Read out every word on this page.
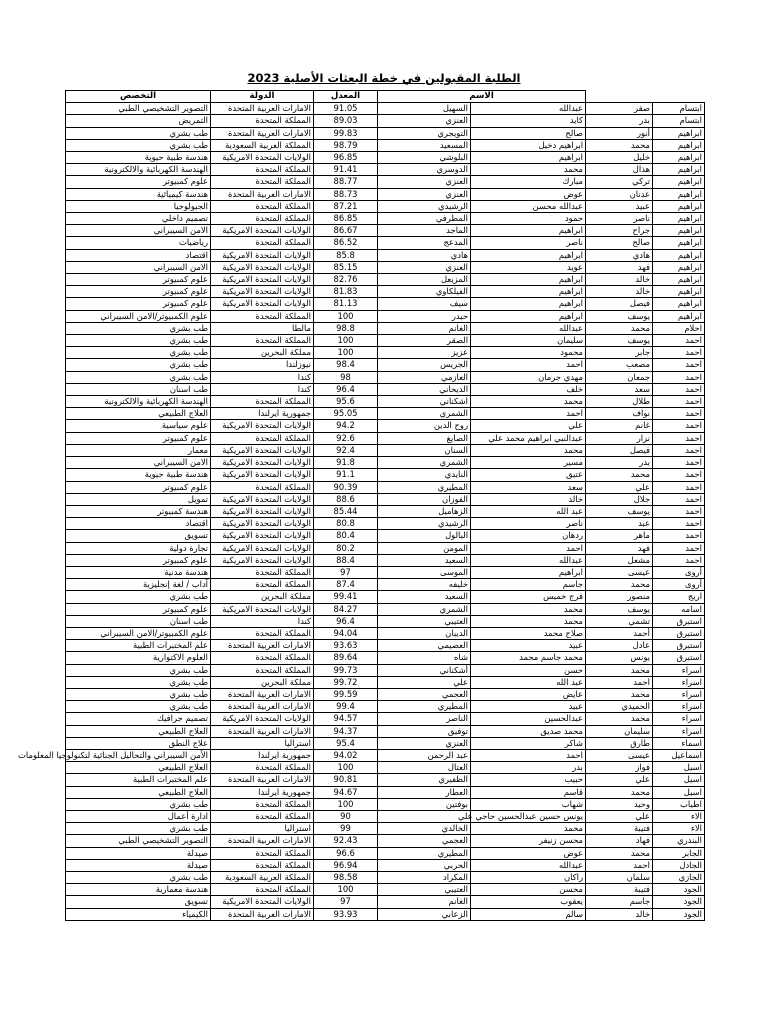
الطلبة المقبولين في خطة البعثات الأصلية 2023
		الاسم		المعدل	الدولة	التخصص
ابتسام	صقر	عبدالله	السهيل	91.05	الامارات العربية المتحدة	التصوير التشخيصي الطبي
ابتسام	بدر	كايد	العنزي	89.03	المملكة المتحدة	التمريض
ابراهيم	أنور	صالح	التويجري	99.83	الامارات العربية المتحدة	طب بشري
ابراهيم	محمد	ابراهيم دخيل	المسعيد	98.79	المملكة العربية السعودية	طب بشري
ابراهيم	خليل	ابراهيم	البلوشي	96.85	الولايات المتحدة الامريكية	هندسة طبية حيوية
ابراهيم	هذال	محمد	الدوسري	91.41	المملكة المتحدة	الهندسة الكهربائية والالكترونية
ابراهيم	تركي	مبارك	العنزي	88.77	المملكة المتحدة	علوم كمبيوتر
ابراهيم	عدنان	عوض	العنزي	88.73	الامارات العربية المتحدة	هندسة كيميائية
ابراهيم	عبيد	عبدالله محسن	الرشيدي	87.21	المملكة المتحدة	الجيولوجيا
ابراهيم	ناصر	حمود	المطرفي	86.85	المملكة المتحدة	تصميم داخلي
ابراهيم	جراح	ابراهيم	الماجد	86.67	الولايات المتحدة الامريكية	الامن السيبراني
ابراهيم	صالح	ناصر	المدعج	86.52	المملكة المتحدة	رياضيات
ابراهيم	هادي	ابراهيم	هادي	85.8	الولايات المتحدة الامريكية	اقتصاد
ابراهيم	فهد	عويد	العنزي	85.15	الولايات المتحدة الامريكية	الامن السيبراني
ابراهيم	خالد	ابراهيم	المزيعل	82.76	الولايات المتحدة الامريكية	علوم كمبيوتر
ابراهيم	خالد	ابراهيم	الفيلكاوي	81.83	الولايات المتحدة الامريكية	علوم كمبيوتر
ابراهيم	فيصل	ابراهيم	سيف	81.13	الولايات المتحدة الامريكية	علوم كمبيوتر
ابراهيم	يوسف	ابراهيم	حيدر	100	المملكة المتحدة	علوم الكمبيوتر/الامن السيبراني
احلام	محمد	عبدالله	الغانم	98.8	مالطا	طب بشري
احمد	يوسف	سليمان	الصقر	100	المملكة المتحدة	طب بشري
احمد	جابر	محمود	عزيز	100	مملكة البحرين	طب بشري
احمد	مصعب	احمد	الجريس	98.4	نيوزلندا	طب بشري
احمد	جمعان	مهدي جرمان	العازمي	98	كندا	طب بشري
احمد	سعد	خلف	الديحاني	96.4	كندا	طب اسنان
احمد	طلال	محمد	اشكناني	95.6	المملكة المتحدة	الهندسة الكهربائية والالكترونية
احمد	نواف	احمد	الشمري	95.05	جمهورية ايرلندا	العلاج الطبيعي
احمد	غانم	علي	روح الدين	94.2	الولايات المتحدة الامريكية	علوم سياسية
احمد	نزار	عبدالنبي ابراهيم محمد علي	الصايغ	92.6	المملكة المتحدة	علوم كمبيوتر
احمد	فيصل	محمد	السنان	92.4	الولايات المتحدة الامريكية	معمار
احمد	بدر	مسير	الشمري	91.8	الولايات المتحدة الامريكية	الامن السيبراني
احمد	محمد	عتيق	النايدي	91.1	الولايات المتحدة الامريكية	هندسة طبية حيوية
احمد	علي	سعد	المطيري	90.39	المملكة المتحدة	علوم كمبيوتر
احمد	جلال	خالد	الفوزان	88.6	الولايات المتحدة الامريكية	تمويل
احمد	يوسف	عبد الله	الزهاميل	85.44	الولايات المتحدة الامريكية	هندسة كمبيوتر
احمد	عبد	ناصر	الرشيدي	80.8	الولايات المتحدة الامريكية	اقتصاد
احمد	ماهر	ردهان	البالول	80.4	الولايات المتحدة الامريكية	تسويق
احمد	فهد	احمد	المومن	80.2	الولايات المتحدة الامريكية	تجارة دولية
احمد	مشعل	عبدالله	السعيد	88.4	الولايات المتحدة الامريكية	علوم كمبيوتر
أروى	عيسى	ابراهيم	الموسى	97	المملكة المتحدة	هندسة مدنية
أروى	محمد	جاسم	خليفه	87.4	المملكة المتحدة	آداب / لغة إنجليزية
اريج	منصور	فرج خميس	السعيد	99.41	مملكة البحرين	طب بشري
اسامه	يوسف	محمد	الشمري	84.27	الولايات المتحدة الامريكية	علوم كمبيوتر
استبرق	تشمي	محمد	العتيبي	96.4	كندا	طب اسنان
استبرق	أحمد	صلاح محمد	الديبان	94.04	المملكة المتحدة	علوم الكمبيوتر/الامن السيبراني
استبرق	عادل	عبيد	العصيمي	93.63	الامارات العربية المتحدة	علم المختبرات الطبية
استبرق	يونس	محمد جاسم محمد	شاه	89.64	المملكة المتحدة	العلوم الاكتوارية
اسراء	محمد	حسن	أشكناني	99.73	المملكة المتحدة	طب بشري
اسراء	احمد	عبد الله	علي	99.72	مملكة البحرين	طب بشري
اسراء	محمد	عايض	العجمي	99.59	الامارات العربية المتحدة	طب بشري
اسراء	الحميدي	عبيد	المطيري	99.4	الامارات العربية المتحدة	طب بشري
اسراء	محمد	عبدالحسين	الناصر	94.57	الولايات المتحدة الامريكية	تصميم جرافيك
اسراء	سليمان	محمد صديق	توفيق	94.37	الامارات العربية المتحدة	العلاج الطبيعي
اسماء	طارق	شاكر	العنزي	95.4	استراليا	علاج النطق
اسماعيل	عيسى	احمد	عبد الرحمن	94.02	جمهورية ايرلندا	الأمن السيبراني والتحاليل الجنائية لتكنولوجيا المعلومات
اسيل	فواز	بدر	العتال	100	المملكة المتحدة	العلاج الطبيعي
اسيل	علي	حبيب	الظفيري	90.81	الامارات العربية المتحدة	علم المختبرات الطبية
اسيل	محمد	قاسم	العطار	94.67	جمهورية ايرلندا	العلاج الطبيعي
اطياب	وحيد	شهاب	بوفتين	100	المملكة المتحدة	طب بشري
الاء	علي	يونس حسين عبدالحسين حاجي علي		90	المملكة المتحدة	ادارة أعمال
الاء	فتيبة	محمد	الخالدي	99	استراليا	طب بشري
البندري	فهاد	محسن زنيفر	العجمي	92.43	الامارات العربية المتحدة	التصوير التشخيصي الطبي
الجابر	محمد	عوض	المطيري	96.6	المملكة المتحدة	صيدلة
الجادل	احمد	عبدالله	الحربي	96.94	المملكة المتحدة	صيدلة
الجازي	سلمان	راكان	المكراد	98.58	المملكة العربية السعودية	طب بشري
الجود	فتيبة	محسن	العتيبي	100	المملكة المتحدة	هندسة معمارية
الجود	جاسم	يعقوب	الغانم	97	الولايات المتحدة الامريكية	تسويق
الجود	خالد	سالم	الزعابي	93.93	الامارات العربية المتحدة	الكيمياء
